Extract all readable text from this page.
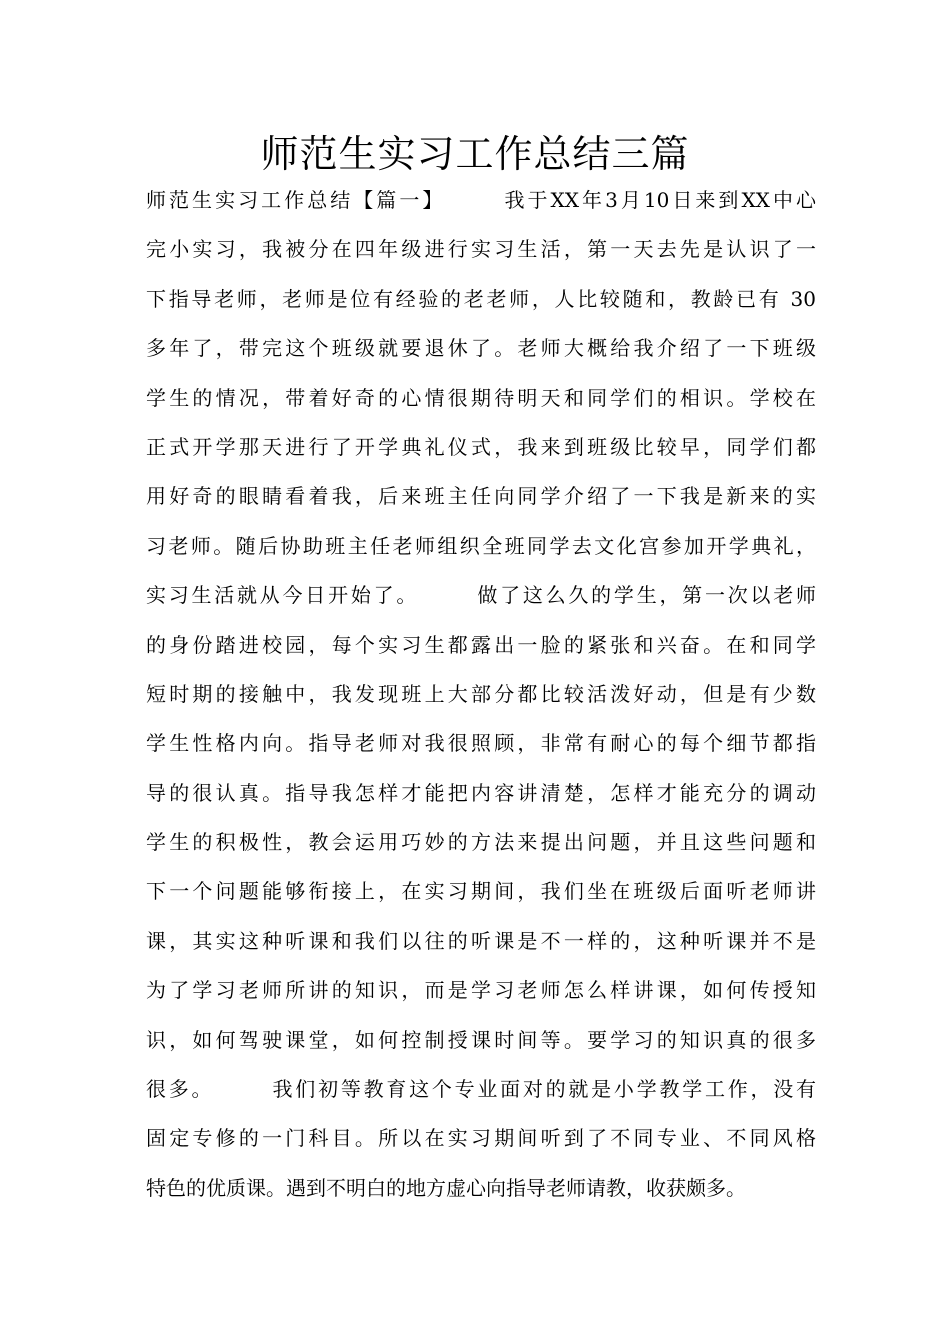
师范生实习工作总结三篇
师范生实习工作总结【篇一】　　　我于XX年3月10日来到XX中心
完小实习，我被分在四年级进行实习生活，第一天去先是认识了一
下指导老师，老师是位有经验的老老师，人比较随和，教龄已有 30
多年了，带完这个班级就要退休了。老师大概给我介绍了一下班级
学生的情况，带着好奇的心情很期待明天和同学们的相识。学校在
正式开学那天进行了开学典礼仪式，我来到班级比较早，同学们都
用好奇的眼睛看着我，后来班主任向同学介绍了一下我是新来的实
习老师。随后协助班主任老师组织全班同学去文化宫参加开学典礼，
实习生活就从今日开始了。　　　做了这么久的学生，第一次以老师
的身份踏进校园，每个实习生都露出一脸的紧张和兴奋。在和同学
短时期的接触中，我发现班上大部分都比较活泼好动，但是有少数
学生性格内向。指导老师对我很照顾，非常有耐心的每个细节都指
导的很认真。指导我怎样才能把内容讲清楚，怎样才能充分的调动
学生的积极性，教会运用巧妙的方法来提出问题，并且这些问题和
下一个问题能够衔接上，在实习期间，我们坐在班级后面听老师讲
课，其实这种听课和我们以往的听课是不一样的，这种听课并不是
为了学习老师所讲的知识，而是学习老师怎么样讲课，如何传授知
识，如何驾驶课堂，如何控制授课时间等。要学习的知识真的很多
很多。　　　我们初等教育这个专业面对的就是小学教学工作，没有
固定专修的一门科目。所以在实习期间听到了不同专业、不同风格
特色的优质课。遇到不明白的地方虚心向指导老师请教，收获颇多。
